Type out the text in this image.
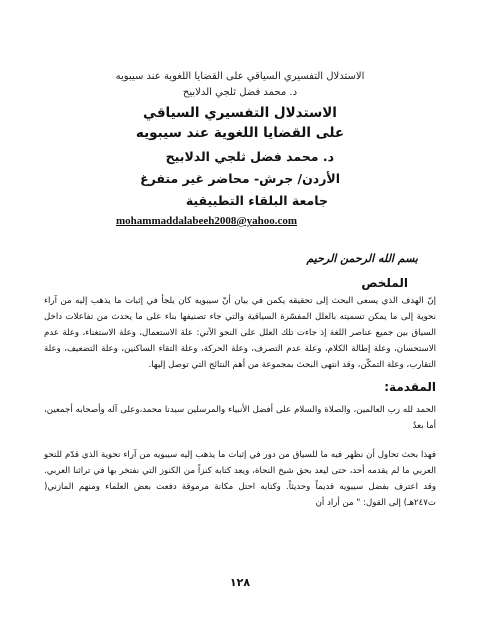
الاستدلال التفسيري السياقي على القضايا اللغوية عند سيبويه
د. محمد فضل ثلجي الدلابيح
الاستدلال التفسيري السياقي
على القضايا اللغوية عند سيبويه
د. محمد فضل ثلجي الدلابيح
الأردن/ جرش- محاضر غير متفرغ
جامعة البلقاء التطبيقية
mohammaddalabeeh2008@yahoo.com
بسم الله الرحمن الرحيم
الملخص
إنّ الهدف الذي يسعى البحث إلى تحقيقه يكمن في بيان أنّ سيبويه كان يلجأ في إثبات ما يذهب إليه من آراء نحوية إلى ما يمكن تسميته بالعلل المفسّرة السياقية والتي جاء تصنيفها بناء على ما يحدث من تفاعلات داخل السياق بين جميع عناصر اللغة إذ جاءت تلك العلل على النحو الآتي: علة الاستعمال، وعلة الاستغناء، وعلة عدم الاستحسان، وعلة إطالة الكلام، وعلة عدم التصرف، وعلة الحركة، وعلة التقاء الساكنين، وعلة التضعيف، وعلة التقارب، وعلة التمكّن، وقد انتهى البحث بمجموعة من أهم النتائج التي توصل إليها.
المقدمة:
الحمد لله رب العالمين، والصلاة والسلام على أفضل الأنبياء والمرسلين سيدنا محمد،وعلى آله وأصحابه أجمعين، أما بعدُ
فهذا بحث تحاول أن نظهر فيه ما للسياق من دور في إثبات ما يذهب إليه سيبويه من آراء نحوية الذي قدّم للنحو العربي ما لم يقدمه أحد، حتى ليعد بحق شيخ النحاة، ويعد كتابه كنزاً من الكنوز التي نفتخر بها في تراثنا العربي. وقد اعترف بفضل سيبويه قديماً وحديثاً. وكتابه احتل مكانة مرموقة دفعت بعض العلماء ومنهم المازني( ت٢٤٧هـ) إلى القول: " من أراد أن
١٢٨
